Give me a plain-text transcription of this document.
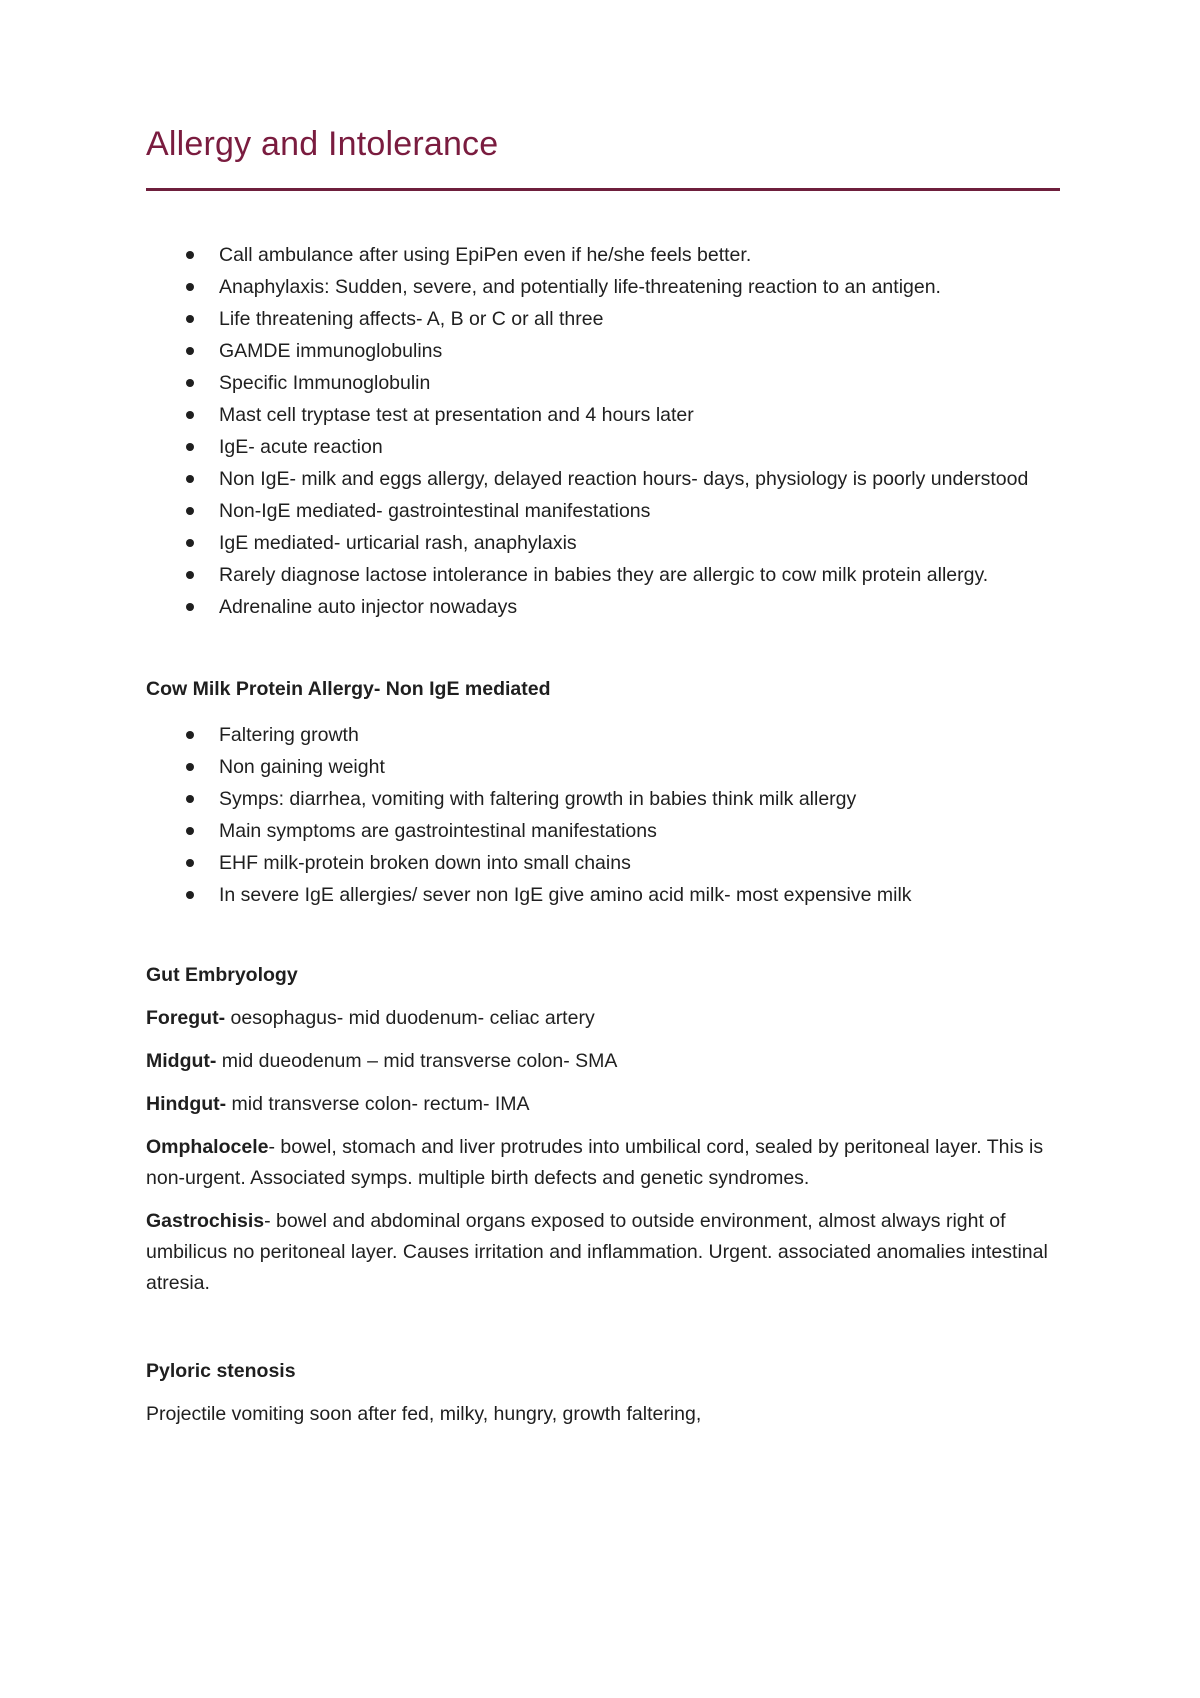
Allergy and Intolerance
Call ambulance after using EpiPen even if he/she feels better.
Anaphylaxis: Sudden, severe, and potentially life-threatening reaction to an antigen.
Life threatening affects- A, B or C or all three
GAMDE immunoglobulins
Specific Immunoglobulin
Mast cell tryptase test at presentation and 4 hours later
IgE- acute reaction
Non IgE- milk and eggs allergy, delayed reaction hours- days, physiology is poorly understood
Non-IgE mediated- gastrointestinal manifestations
IgE mediated- urticarial rash, anaphylaxis
Rarely diagnose lactose intolerance in babies they are allergic to cow milk protein allergy.
Adrenaline auto injector nowadays

Cow Milk Protein Allergy- Non IgE mediated

Faltering growth
Non gaining weight
Symps: diarrhea, vomiting with faltering growth in babies think milk allergy
Main symptoms are gastrointestinal manifestations
EHF milk-protein broken down into small chains
In severe IgE allergies/ sever non IgE give amino acid milk- most expensive milk

Gut Embryology

Foregut- oesophagus- mid duodenum- celiac artery

Midgut- mid dueodenum – mid transverse colon- SMA

Hindgut- mid transverse colon- rectum- IMA

Omphalocele- bowel, stomach and liver protrudes into umbilical cord, sealed by peritoneal layer. This is non-urgent. Associated symps. multiple birth defects and genetic syndromes.

Gastrochisis- bowel and abdominal organs exposed to outside environment, almost always right of umbilicus no peritoneal layer. Causes irritation and inflammation. Urgent. associated anomalies intestinal atresia.

Pyloric stenosis

Projectile vomiting soon after fed, milky, hungry, growth faltering,
